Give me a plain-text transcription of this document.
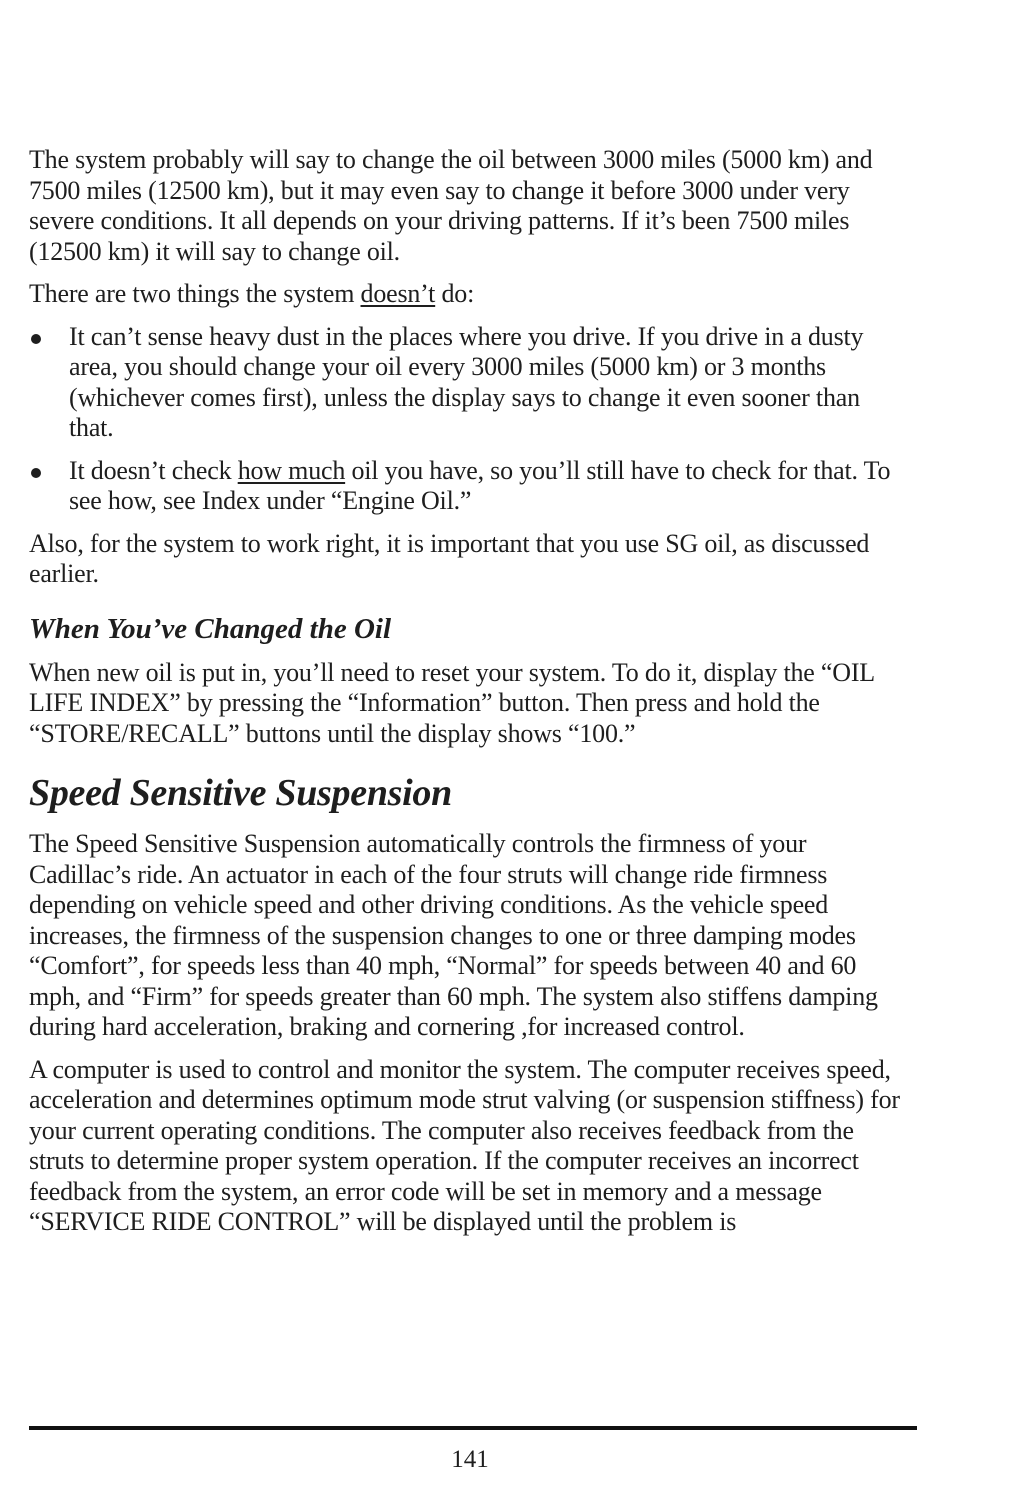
The system probably will say to change the oil between 3000 miles (5000 km) and 7500 miles (12500 km), but it may even say to change it before 3000 under very severe conditions. It all depends on your driving patterns. If it’s been 7500 miles (12500 km) it will say to change oil.

There are two things the system doesn’t do:

It can’t sense heavy dust in the places where you drive. If you drive in a dusty area, you should change your oil every 3000 miles (5000 km) or 3 months (whichever comes first), unless the display says to change it even sooner than that.
It doesn’t check how much oil you have, so you’ll still have to check for that. To see how, see Index under “Engine Oil.”

Also, for the system to work right, it is important that you use SG oil, as discussed earlier.

When You’ve Changed the Oil

When new oil is put in, you’ll need to reset your system. To do it, display the “OIL LIFE INDEX” by pressing the “Information” button. Then press and hold the “STORE/RECALL” buttons until the display shows “100.”

Speed Sensitive Suspension

The Speed Sensitive Suspension automatically controls the firmness of your Cadillac’s ride. An actuator in each of the four struts will change ride firmness depending on vehicle speed and other driving conditions. As the vehicle speed increases, the firmness of the suspension changes to one or three damping modes “Comfort”, for speeds less than 40 mph, “Normal” for speeds between 40 and 60 mph, and “Firm” for speeds greater than 60 mph. The system also stiffens damping during hard acceleration, braking and cornering ,for increased control.

A computer is used to control and monitor the system. The computer receives speed, acceleration and determines optimum mode strut valving (or suspension stiffness) for your current operating conditions. The computer also receives feedback from the struts to determine proper system operation. If the computer receives an incorrect feedback from the system, an error code will be set in memory and a message “SERVICE RIDE CONTROL” will be displayed until the problem is

141
